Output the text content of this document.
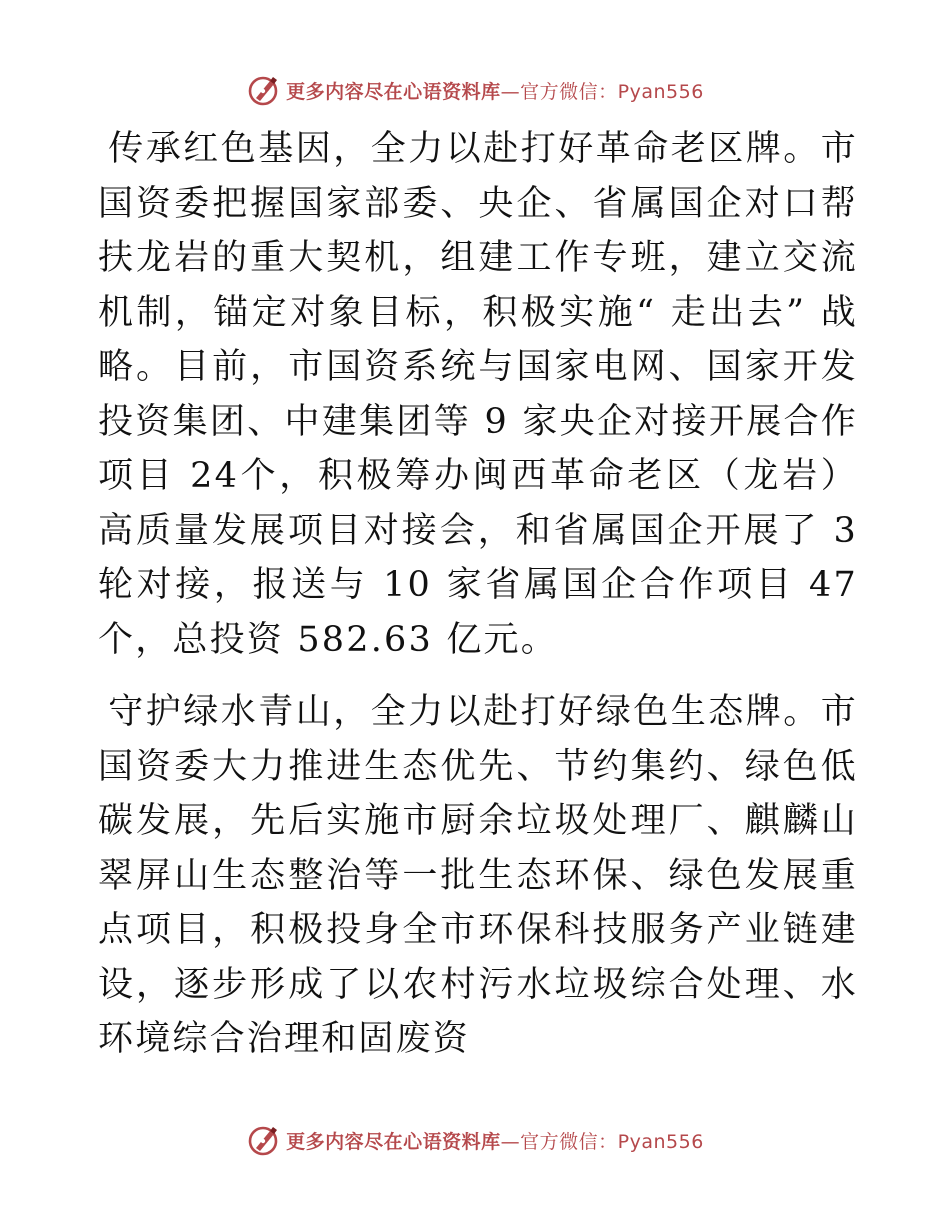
更多内容尽在心语资料库—官方微信：Pyan556

传承红色基因，全力以赴打好革命老区牌。市国资委把握国家部委、央企、省属国企对口帮扶龙岩的重大契机，组建工作专班，建立交流机制，锚定对象目标，积极实施“ 走出去” 战略。目前，市国资系统与国家电网、国家开发投资集团、中建集团等 9 家央企对接开展合作项目 24个，积极筹办闽西革命老区（龙岩）高质量发展项目对接会，和省属国企开展了 3 轮对接，报送与 10 家省属国企合作项目 47 个，总投资 582.63 亿元。

守护绿水青山，全力以赴打好绿色生态牌。市国资委大力推进生态优先、节约集约、绿色低碳发展，先后实施市厨余垃圾处理厂、麒麟山翠屏山生态整治等一批生态环保、绿色发展重点项目，积极投身全市环保科技服务产业链建设，逐步形成了以农村污水垃圾综合处理、水环境综合治理和固废资

更多内容尽在心语资料库—官方微信：Pyan556
